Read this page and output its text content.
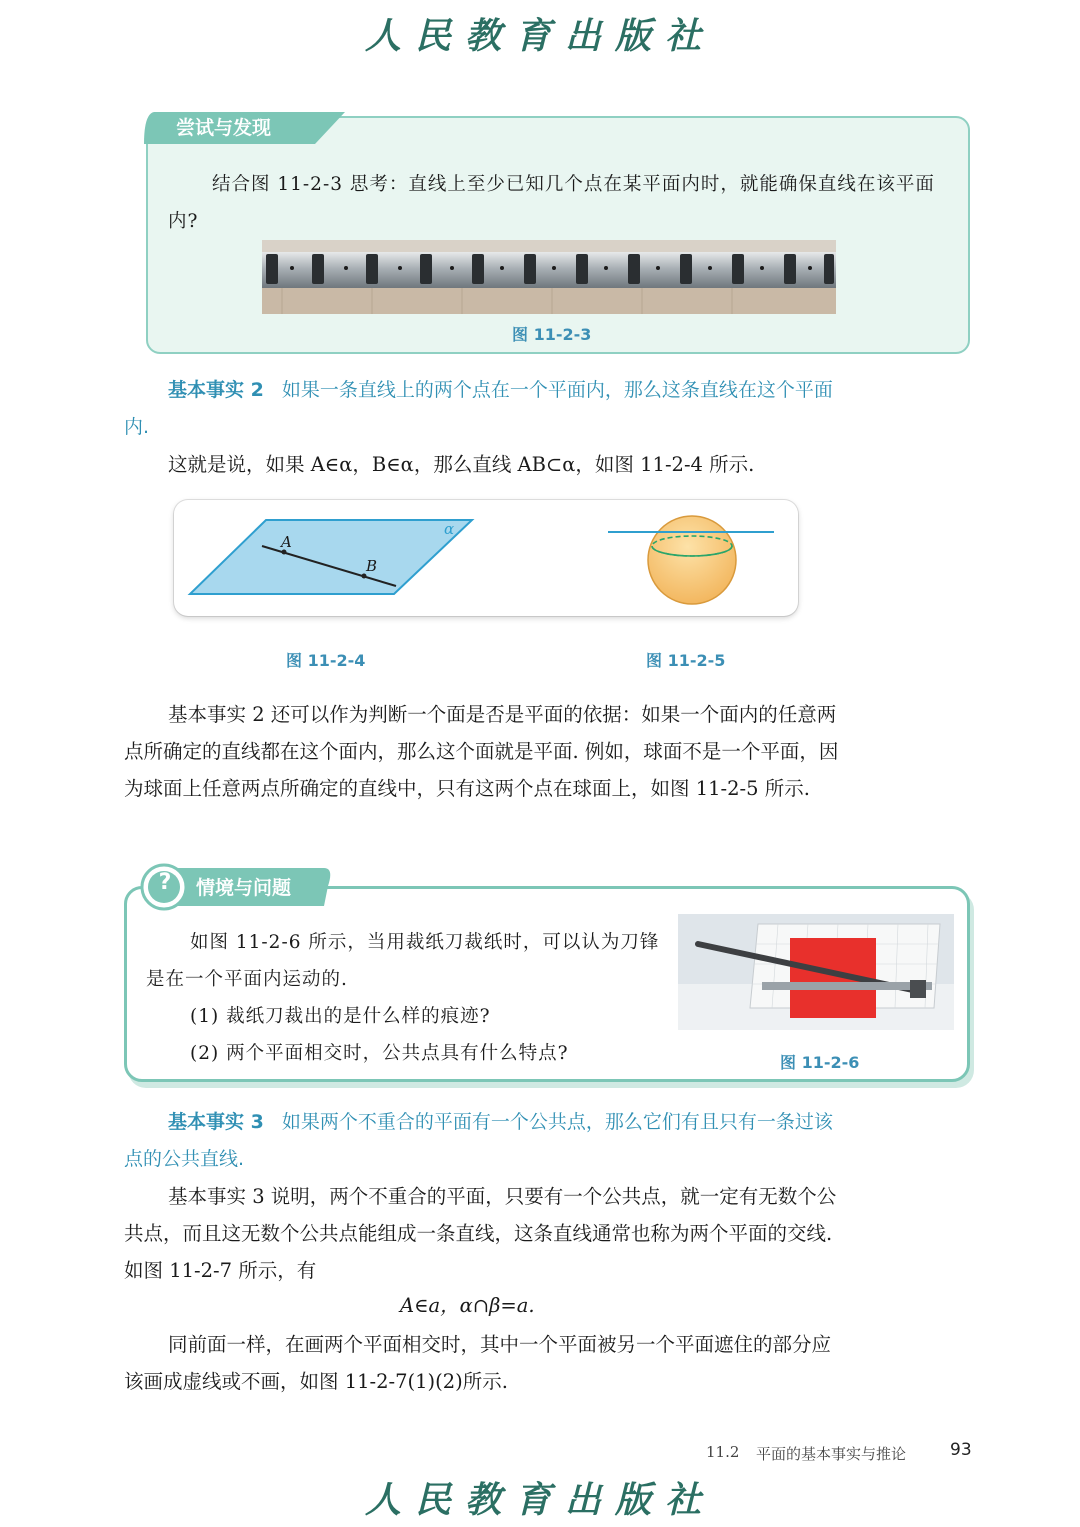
人民教育出版社
尝试与发现

结合图 11-2-3 思考：直线上至少已知几个点在某平面内时，就能确保直线在该平面内?

图 11-2-3

基本事实 2 如果一条直线上的两个点在一个平面内，那么这条直线在这个平面内.

这就是说，如果 A∈α，B∈α，那么直线 AB⊂α，如图 11-2-4 所示.

α
A
B
图 11-2-4	图 11-2-5

基本事实 2 还可以作为判断一个面是否是平面的依据：如果一个面内的任意两点所确定的直线都在这个面内，那么这个面就是平面. 例如，球面不是一个平面，因为球面上任意两点所确定的直线中，只有这两个点在球面上，如图 11-2-5 所示.

? 情境与问题

如图 11-2-6 所示，当用裁纸刀裁纸时，可以认为刀锋是在一个平面内运动的.

(1) 裁纸刀裁出的是什么样的痕迹?

(2) 两个平面相交时，公共点具有什么特点?	图 11-2-6

基本事实 3 如果两个不重合的平面有一个公共点，那么它们有且只有一条过该点的公共直线.

基本事实 3 说明，两个不重合的平面，只要有一个公共点，就一定有无数个公共点，而且这无数个公共点能组成一条直线，这条直线通常也称为两个平面的交线. 如图 11-2-7 所示，有

A∈a，α∩β=a.

同前面一样，在画两个平面相交时，其中一个平面被另一个平面遮住的部分应该画成虚线或不画，如图 11-2-7(1)(2)所示.

11.2 平面的基本事实与推论	93
人民教育出版社
